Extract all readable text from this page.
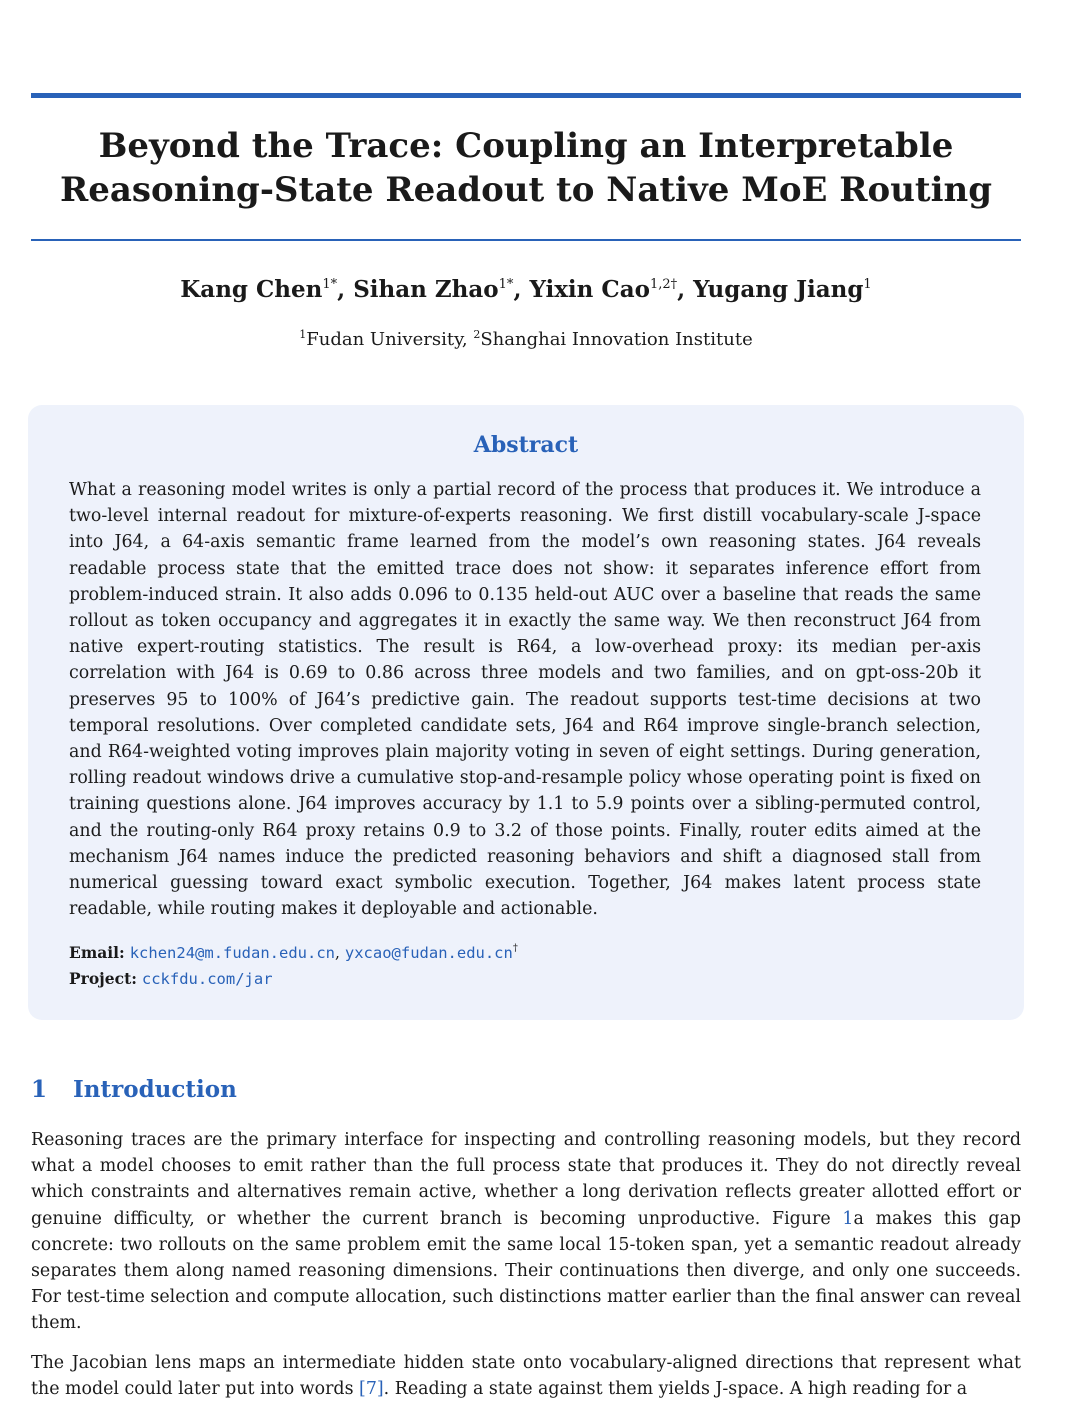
Beyond the Trace: Coupling an Interpretable
Reasoning-State Readout to Native MoE Routing
Kang Chen$^{1*}$, Sihan Zhao$^{1*}$, Yixin Cao$^{1,2\dagger}$, Yugang Jiang$^1$
$^1$Fudan University, $^2$Shanghai Innovation Institute
Abstract
What a reasoning model writes is only a partial record of the process that produces it. We introduce a two-level internal readout for mixture-of-experts reasoning. We first distill vocabulary-scale J-space into J64, a 64-axis semantic frame learned from the model’s own reasoning states. J64 reveals readable process state that the emitted trace does not show: it separates inference effort from problem-induced strain. It also adds 0.096 to 0.135 held-out AUC over a baseline that reads the same rollout as token occupancy and aggregates it in exactly the same way. We then reconstruct J64 from native expert-routing statistics. The result is R64, a low-overhead proxy: its median per-axis correlation with J64 is 0.69 to 0.86 across three models and two families, and on gpt-oss-20b it preserves 95 to 100% of J64’s predictive gain. The readout supports test-time decisions at two temporal resolutions. Over completed candidate sets, J64 and R64 improve single-branch selection, and R64-weighted voting improves plain majority voting in seven of eight settings. During generation, rolling readout windows drive a cumulative stop-and-resample policy whose operating point is fixed on training questions alone. J64 improves accuracy by 1.1 to 5.9 points over a sibling-permuted control, and the routing-only R64 proxy retains 0.9 to 3.2 of those points. Finally, router edits aimed at the mechanism J64 names induce the predicted reasoning behaviors and shift a diagnosed stall from numerical guessing toward exact symbolic execution. Together, J64 makes latent process state readable, while routing makes it deployable and actionable.
Email: kchen24@m.fudan.edu.cn, yxcao@fudan.edu.cn†
Project: cckfdu.com/jar
1 Introduction
Reasoning traces are the primary interface for inspecting and controlling reasoning models, but they record what a model chooses to emit rather than the full process state that produces it. They do not directly reveal which constraints and alternatives remain active, whether a long derivation reflects greater allotted effort or genuine difficulty, or whether the current branch is becoming unproductive. Figure 1a makes this gap concrete: two rollouts on the same problem emit the same local 15-token span, yet a semantic readout already separates them along named reasoning dimensions. Their continuations then diverge, and only one succeeds. For test-time selection and compute allocation, such distinctions matter earlier than the final answer can reveal them.
The Jacobian lens maps an intermediate hidden state onto vocabulary-aligned directions that represent what the model could later put into words [7]. Reading a state against them yields J-space. A high reading for a
